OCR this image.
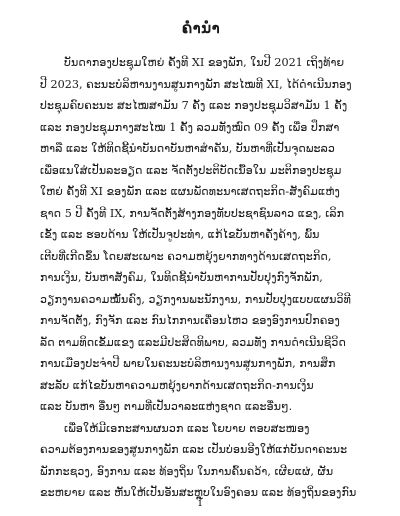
ຄໍານໍາ
ບັນດາກອງປະຊຸມໃຫຍ່ ຄັ້ງທີ XI ຂອງພັກ, ໃນປີ 2021 ເຖິງທ້າຍ
ປີ 2023, ຄະນະບໍລິຫານງານສູນກາງພັກ ສະໄໝທີ XI, ໄດ້ດໍາເນີນກອງ
ປະຊຸມຄົບຄະນະ ສະໄໝສາມັນ 7 ຄັ້ງ ແລະ ກອງປະຊຸມວິສາມັນ 1 ຄັ້ງ
ແລະ ກອງປະຊຸມກາງສະໄໝ 1 ຄັ້ງ ລວມທັງໝົດ 09 ຄັ້ງ ເພື່ອ ປຶກສາ
ຫາລື ແລະ ໃຫ້ທິດຊີ້ນໍາບັນດາບັນຫາສໍາຄັນ, ບັນຫາທີ່ເປັນຈຸດພະລວ
ເພື່ອແນໃສ່ເປັນລະອຽດ ແລະ ຈັດຕັ້ງປະຕິບັດເນື້ອໃນ ມະຕິກອງປະຊຸມ
ໃຫຍ່ ຄັ້ງທີ XI ຂອງພັກ ແລະ ແຜນພັດທະນາເສດຖະກິດ-ສັງຄົມແຫ່ງ
ຊາດ 5 ປີ ຄັ້ງທີ IX, ການຈັດຕັ້ງສ້າງກອງທັບປະຊາຊົນລາວ ແຂງ, ເລິກ
ເຂັ້ງ ແລະ ຮອບດ້ານ ໃຫ້ເປັນຈູປະທໍາ, ແກ້ໄຂບັນຫາຄັ່ງຄ້າງ, ພົ້ນ
ເຕີບທີ່ເກີດຂຶ້ນ ໂດຍສະເພາະ ຄວາມຫຍຸ້ງຍາກທາງດ້ານເສດຖະກິດ,
ການເງິນ, ບັນຫາສັງຄົມ, ໃນທິດຊີ້ນໍາບັນຫາການປັບປຸງກົງຈັກພັກ,
ວຽກງານຄວາມໝັ້ນຄົງ, ວຽກງານພະນັກງານ, ການປັບປຸງແບບແຜນວິທີ
ການຈັດຕັ້ງ, ກົງຈັກ ແລະ ກົນໄກການເຄື່ອນໄຫວ ຂອງອົງການປົກຄອງ
ລັດ ຕາມທິດເຂັ້ມແຂງ ແລະມີປະສິດທິພາບ, ລວມທັງ ການດໍາເນີນຊີວິດ
ການເມືອງປະຈໍາປີ ພາຍໃນຄະນະບໍລິຫານງານສູນກາງພັກ, ການສຶກ
ສະລັບ ແກ້ໄຂບັນຫາຄວາມຫຍຸ້ງຍາກດ້ານເສດຖະກິດ-ການເງິນ
ແລະ ບັນຫາ ອື່ນໆ ຕາມທີ່ເປັນວາລະແຫ່ງຊາດ ແລະອື່ນໆ.
ເພື່ອໃຫ້ມີເອກະສານຜນວກ ແລະ ໂຍບາຍ ຕອບສະໜອງ
ຄວາມຕ້ອງການຂອງສູນກາງພັກ ແລະ ເປັນບ່ອນອີງໃຫ້ແກ່ບັນດາຄະນະ
ພັກກະຊວງ, ອົງການ ແລະ ທ້ອງຖິ່ນ ໃນການຄົ້ນຄວ້າ, ເຜີຍແຜ່, ຜັນ
ຂະຫຍາຍ ແລະ ຫັນໃຫ້ເປັນອັນສະຫຼຸບໃນອົງຄອນ ແລະ ທ້ອງຖິ່ນຂອງກົນ
i
